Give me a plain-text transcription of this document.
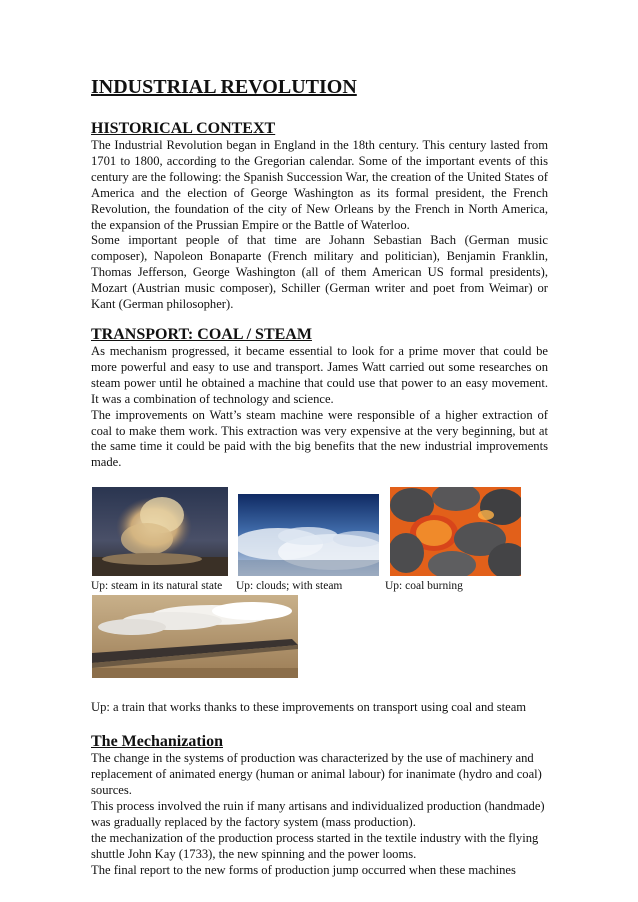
INDUSTRIAL REVOLUTION
HISTORICAL CONTEXT

The Industrial Revolution began in England in the 18th century. This century lasted from 1701 to 1800, according to the Gregorian calendar. Some of the important events of this century are the following: the Spanish Succession War, the creation of the United States of America and the election of George Washington as its formal president, the French Revolution, the foundation of the city of New Orleans by the French in North America, the expansion of the Prussian Empire or the Battle of Waterloo.

Some important people of that time are Johann Sebastian Bach (German music composer), Napoleon Bonaparte (French military and politician), Benjamin Franklin, Thomas Jefferson, George Washington (all of them American US formal presidents), Mozart (Austrian music composer), Schiller (German writer and poet from Weimar) or Kant (German philosopher).

TRANSPORT: COAL / STEAM

As mechanism progressed, it became essential to look for a prime mover that could be more powerful and easy to use and transport. James Watt carried out some researches on steam power until he obtained a machine that could use that power to an easy movement. It was a combination of technology and science.

The improvements on Watt’s steam machine were responsible of a higher extraction of coal to make them work. This extraction was very expensive at the very beginning, but at the same time it could be paid with the big benefits that the new industrial improvements made.

Up: steam in its natural state Up: clouds; with steam	Up: coal burning

Up: a train that works thanks to these improvements on transport using coal and steam

The Mechanization

The change in the systems of production was characterized by the use of machinery and replacement of animated energy (human or animal labour) for inanimate (hydro and coal) sources.

This process involved the ruin if many artisans and individualized production (handmade) was gradually replaced by the factory system (mass production).

the mechanization of the production process started in the textile industry with the flying shuttle John Kay (1733), the new spinning and the power looms.

The final report to the new forms of production jump occurred when these machines
